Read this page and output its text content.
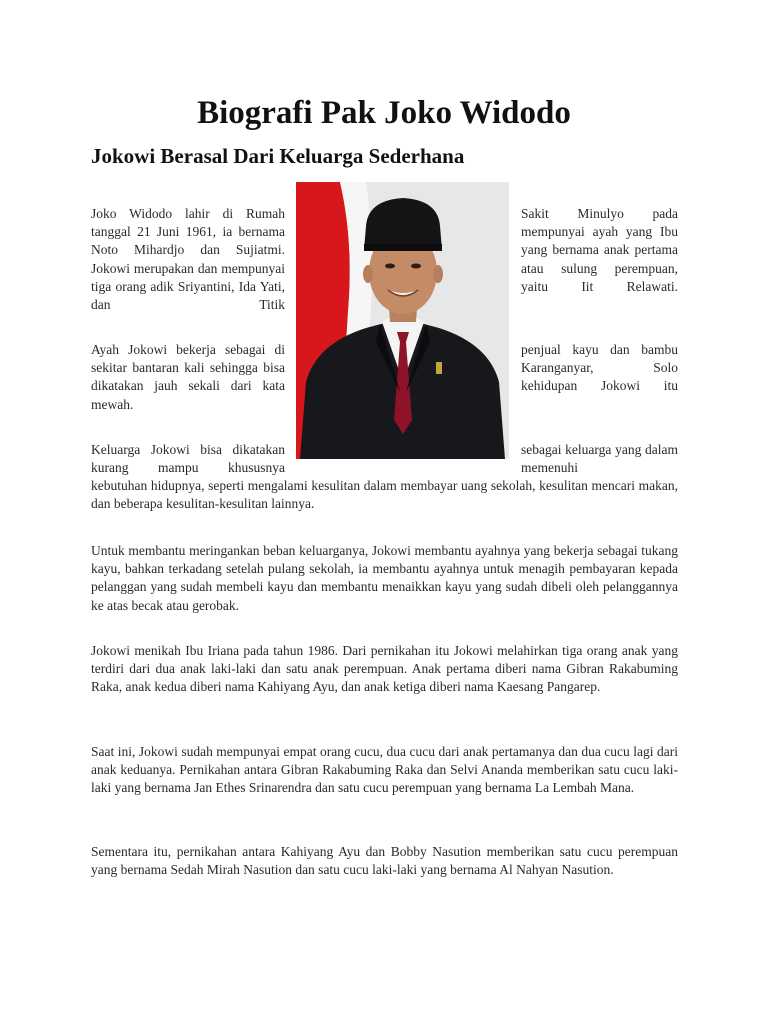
Biografi Pak Joko Widodo
Jokowi Berasal Dari Keluarga Sederhana
Joko Widodo lahir di Rumah tanggal 21 Juni 1961, ia bernama Noto Mihardjo dan Sujiatmi. Jokowi merupakan dan mempunyai tiga orang adik Sriyantini, Ida Yati, dan Titik
Sakit Minulyo pada mempunyai ayah yang Ibu yang bernama anak pertama atau sulung perempuan, yaitu Iit Relawati.
Ayah Jokowi bekerja sebagai di sekitar bantaran kali sehingga bisa dikatakan jauh sekali dari kata mewah.
penjual kayu dan bambu Karanganyar, Solo kehidupan Jokowi itu
Keluarga Jokowi bisa dikatakan kurang mampu khususnya
sebagai keluarga yang dalam memenuhi
kebutuhan hidupnya, seperti mengalami kesulitan dalam membayar uang sekolah, kesulitan mencari makan, dan beberapa kesulitan-kesulitan lainnya.
Untuk membantu meringankan beban keluarganya, Jokowi membantu ayahnya yang bekerja sebagai tukang kayu, bahkan terkadang setelah pulang sekolah, ia membantu ayahnya untuk menagih pembayaran kepada pelanggan yang sudah membeli kayu dan membantu menaikkan kayu yang sudah dibeli oleh pelanggannya ke atas becak atau gerobak.
Jokowi menikah Ibu Iriana pada tahun 1986. Dari pernikahan itu Jokowi melahirkan tiga orang anak yang terdiri dari dua anak laki-laki dan satu anak perempuan. Anak pertama diberi nama Gibran Rakabuming Raka, anak kedua diberi nama Kahiyang Ayu, dan anak ketiga diberi nama Kaesang Pangarep.
Saat ini, Jokowi sudah mempunyai empat orang cucu, dua cucu dari anak pertamanya dan dua cucu lagi dari anak keduanya. Pernikahan antara Gibran Rakabuming Raka dan Selvi Ananda memberikan satu cucu laki-laki yang bernama Jan Ethes Srinarendra dan satu cucu perempuan yang bernama La Lembah Mana.
Sementara itu, pernikahan antara Kahiyang Ayu dan Bobby Nasution memberikan satu cucu perempuan yang bernama Sedah Mirah Nasution dan satu cucu laki-laki yang bernama Al Nahyan Nasution.
